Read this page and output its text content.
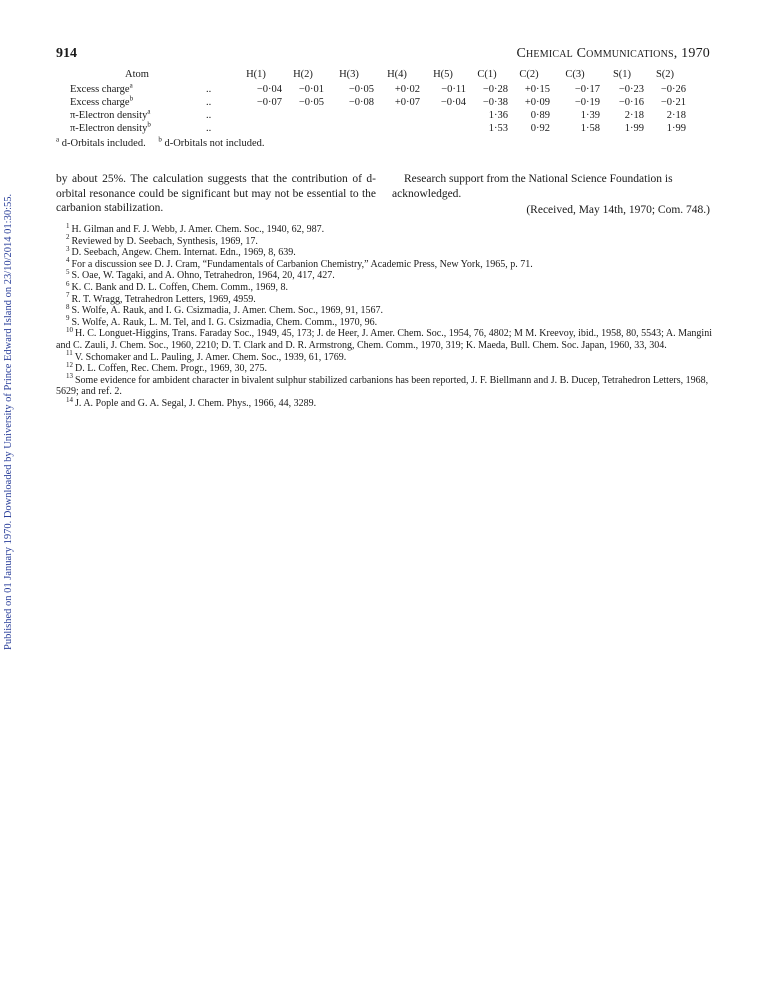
Published on 01 January 1970. Downloaded by University of Prince Edward Island on 23/10/2014 01:30:55.
914	Chemical Communications, 1970
Atom		H(1)	H(2)	H(3)	H(4)	H(5)	C(1)	C(2)	C(3)	S(1)	S(2)
Excess charge$^a$	..	−0·04	−0·01	−0·05	+0·02	−0·11	−0·28	+0·15	−0·17	−0·23	−0·26
Excess charge$^b$	..	−0·07	−0·05	−0·08	+0·07	−0·04	−0·38	+0·09	−0·19	−0·16	−0·21
π-Electron density$^a$	..						1·36	0·89	1·39	2·18	2·18
π-Electron density$^b$	..						1·53	0·92	1·58	1·99	1·99
$^a$ d-Orbitals included. $^b$ d-Orbitals not included.
by about 25%. The calculation suggests that the contribution of d-orbital resonance could be significant but may not be essential to the carbanion stabilization.

Research support from the National Science Foundation is acknowledged.

(Received, May 14th, 1970; Com. 748.)
$^1$ H. Gilman and F. J. Webb, J. Amer. Chem. Soc., 1940, 62, 987.
$^2$ Reviewed by D. Seebach, Synthesis, 1969, 17.
$^3$ D. Seebach, Angew. Chem. Internat. Edn., 1969, 8, 639.
$^4$ For a discussion see D. J. Cram, “Fundamentals of Carbanion Chemistry,” Academic Press, New York, 1965, p. 71.
$^5$ S. Oae, W. Tagaki, and A. Ohno, Tetrahedron, 1964, 20, 417, 427.
$^6$ K. C. Bank and D. L. Coffen, Chem. Comm., 1969, 8.
$^7$ R. T. Wragg, Tetrahedron Letters, 1969, 4959.
$^8$ S. Wolfe, A. Rauk, and I. G. Csizmadia, J. Amer. Chem. Soc., 1969, 91, 1567.
$^9$ S. Wolfe, A. Rauk, L. M. Tel, and I. G. Csizmadia, Chem. Comm., 1970, 96.
$^{10}$ H. C. Longuet-Higgins, Trans. Faraday Soc., 1949, 45, 173; J. de Heer, J. Amer. Chem. Soc., 1954, 76, 4802; M M. Kreevoy, ibid., 1958, 80, 5543; A. Mangini and C. Zauli, J. Chem. Soc., 1960, 2210; D. T. Clark and D. R. Armstrong, Chem. Comm., 1970, 319; K. Maeda, Bull. Chem. Soc. Japan, 1960, 33, 304.
$^{11}$ V. Schomaker and L. Pauling, J. Amer. Chem. Soc., 1939, 61, 1769.
$^{12}$ D. L. Coffen, Rec. Chem. Progr., 1969, 30, 275.
$^{13}$ Some evidence for ambident character in bivalent sulphur stabilized carbanions has been reported, J. F. Biellmann and J. B. Ducep, Tetrahedron Letters, 1968, 5629; and ref. 2.
$^{14}$ J. A. Pople and G. A. Segal, J. Chem. Phys., 1966, 44, 3289.
